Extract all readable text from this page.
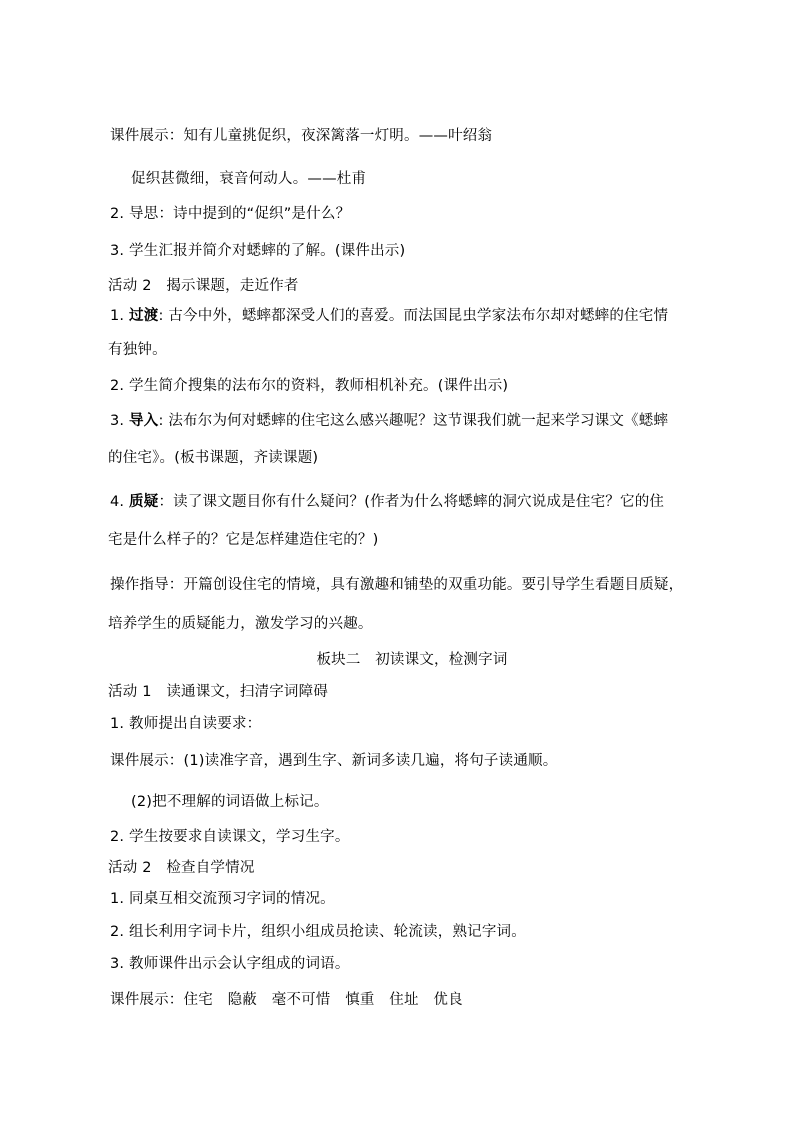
课件展示：知有儿童挑促织，夜深篱落一灯明。——叶绍翁
促织甚微细，衰音何动人。——杜甫
2. 导思：诗中提到的“促织”是什么？
3. 学生汇报并简介对蟋蟀的了解。(课件出示)
活动 2　揭示课题，走近作者
1. 过渡: 古今中外，蟋蟀都深受人们的喜爱。而法国昆虫学家法布尔却对蟋蟀的住宅情
有独钟。
2. 学生简介搜集的法布尔的资料，教师相机补充。(课件出示)
3. 导入: 法布尔为何对蟋蟀的住宅这么感兴趣呢？这节课我们就一起来学习课文《蟋蟀
的住宅》。(板书课题，齐读课题)
4. 质疑：读了课文题目你有什么疑问？(作者为什么将蟋蟀的洞穴说成是住宅？它的住
宅是什么样子的？它是怎样建造住宅的？)
操作指导：开篇创设住宅的情境，具有激趣和铺垫的双重功能。要引导学生看题目质疑，
培养学生的质疑能力，激发学习的兴趣。
板块二　初读课文，检测字词
活动 1　读通课文，扫清字词障碍
1. 教师提出自读要求：
课件展示：(1)读准字音，遇到生字、新词多读几遍，将句子读通顺。
(2)把不理解的词语做上标记。
2. 学生按要求自读课文，学习生字。
活动 2　检查自学情况
1. 同桌互相交流预习字词的情况。
2. 组长利用字词卡片，组织小组成员抢读、轮流读，熟记字词。
3. 教师课件出示会认字组成的词语。
课件展示：住宅　隐蔽　毫不可惜　慎重　住址　优良
